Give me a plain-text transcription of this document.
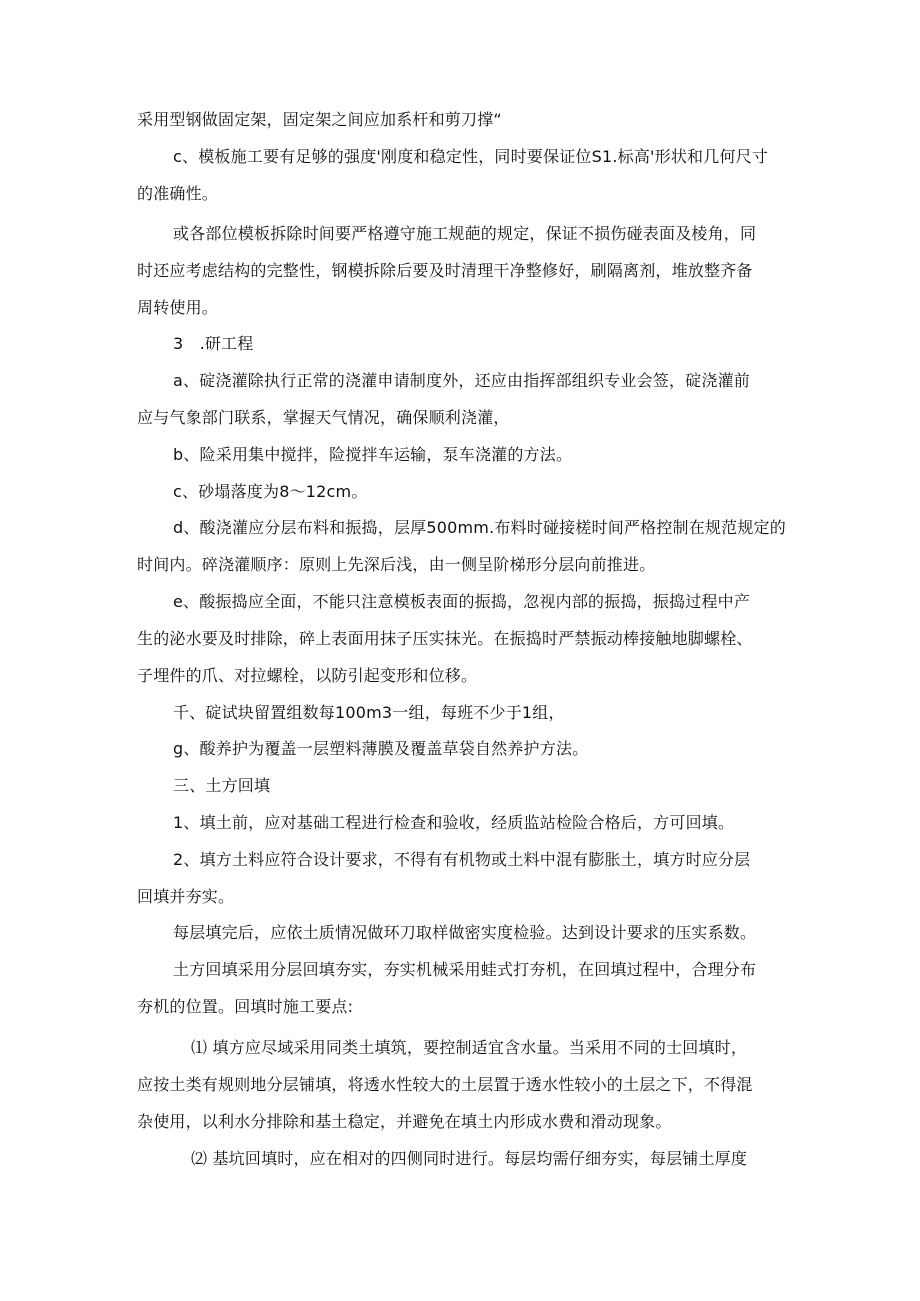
采用型钢做固定架，固定架之间应加系杆和剪刀撑“
c、模板施工要有足够的强度'刚度和稳定性，同时要保证位S1.标高'形状和几何尺寸
的准确性。
或各部位模板拆除时间要严格遵守施工规葩的规定，保证不损伤碰表面及棱角，同
时还应考虑结构的完整性，钢模拆除后要及时清理干净整修好，刷隔离剂，堆放整齐备
周转使用。
3　.研工程
a、碇浇灌除执行正常的浇灌申请制度外，还应由指挥部组织专业会签，碇浇灌前
应与气象部门联系，掌握天气情况，确保顺利浇灌，
b、险采用集中搅拌，险搅拌车运输，泵车浇灌的方法。
c、砂塌落度为8～12cm。
d、酸浇灌应分层布料和振捣，层厚500mm.布料时碰接槎时间严格控制在规范规定的
时间内。碎浇灌顺序：原则上先深后浅，由一侧呈阶梯形分层向前推进。
e、酸振捣应全面，不能只注意模板表面的振捣，忽视内部的振捣，振捣过程中产
生的泌水要及时排除，碎上表面用抹子压实抹光。在振捣时严禁振动棒接触地脚螺栓、
子埋件的爪、对拉螺栓，以防引起变形和位移。
千、碇试块留置组数每100m3一组，每班不少于1组，
g、酸养护为覆盖一层塑料薄膜及覆盖草袋自然养护方法。
三、土方回填
1、填土前，应对基础工程进行检查和验收，经质监站检险合格后，方可回填。
2、填方土料应符合设计要求，不得有有机物或土料中混有膨胀土，填方时应分层
回填并夯实。
每层填完后，应依土质情况做环刀取样做密实度检验。达到设计要求的压实系数。
土方回填采用分层回填夯实，夯实机械采用蛙式打夯机，在回填过程中，合理分布
夯机的位置。回填时施工要点:
⑴ 填方应尽域采用同类土填筑，要控制适宜含水量。当采用不同的士回填时，
应按土类有规则地分层铺填，将透水性较大的土层置于透水性较小的土层之下，不得混
杂使用，以利水分排除和基土稳定，并避免在填土内形成水费和滑动现象。
⑵ 基坑回填时，应在相对的四侧同时进行。每层均需仔细夯实，每层铺土厚度
